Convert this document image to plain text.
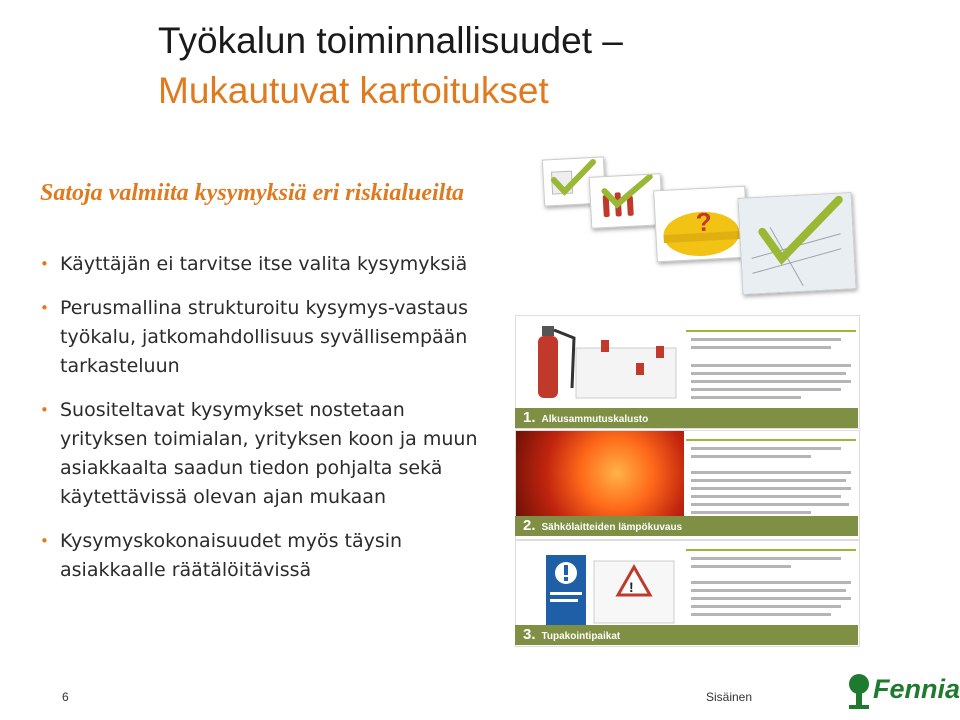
Työkalun toiminnallisuudet –
Mukautuvat kartoitukset
Satoja valmiita kysymyksiä eri riskialueilta
• Käyttäjän ei tarvitse itse valita kysymyksiä
• Perusmallina strukturoitu kysymys-vastaus työkalu, jatkomahdollisuus syvällisempään tarkasteluun
• Suositeltavat kysymykset nostetaan yrityksen toimialan, yrityksen koon ja muun asiakkaalta saadun tiedon pohjalta sekä käytettävissä olevan ajan mukaan
• Kysymyskokonaisuudet myös täysin asiakkaalle räätälöitävissä
?
1. Alkusammutuskalusto
2. Sähkölaitteiden lämpökuvaus
!
3. Tupakointipaikat
6	Sisäinen	Fennia
